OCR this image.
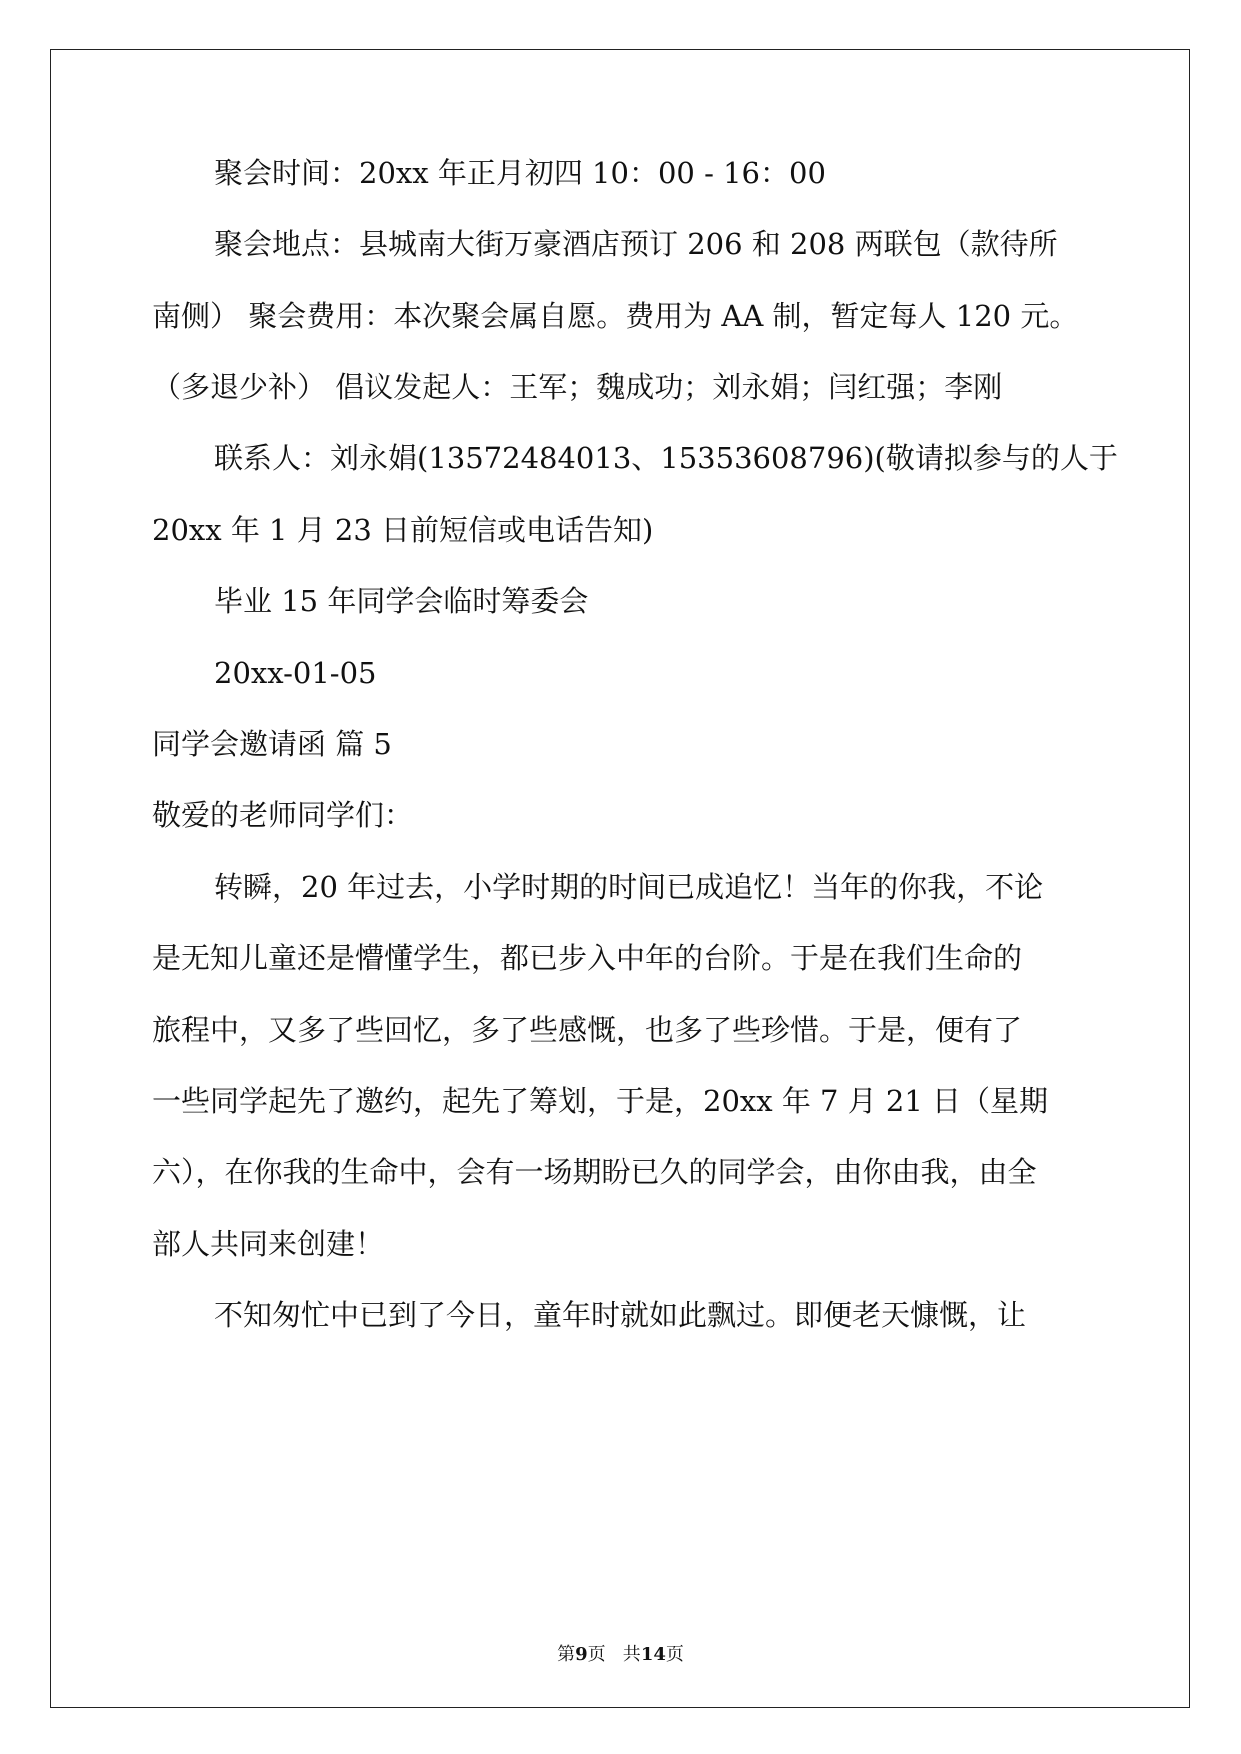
聚会时间：20xx 年正月初四 10：00 - 16：00
聚会地点：县城南大街万豪酒店预订 206 和 208 两联包（款待所
南侧） 聚会费用：本次聚会属自愿。费用为 AA 制，暂定每人 120 元。
（多退少补） 倡议发起人：王军；魏成功；刘永娟；闫红强；李刚
联系人：刘永娟(13572484013、15353608796)(敬请拟参与的人于
20xx 年 1 月 23 日前短信或电话告知)
毕业 15 年同学会临时筹委会
20xx-01-05
同学会邀请函 篇 5
敬爱的老师同学们：
转瞬，20 年过去，小学时期的时间已成追忆！当年的你我，不论
是无知儿童还是懵懂学生，都已步入中年的台阶。于是在我们生命的
旅程中，又多了些回忆，多了些感慨，也多了些珍惜。于是，便有了
一些同学起先了邀约，起先了筹划，于是，20xx 年 7 月 21 日（星期
六），在你我的生命中，会有一场期盼已久的同学会，由你由我，由全
部人共同来创建！
不知匆忙中已到了今日，童年时就如此飘过。即便老天慷慨，让
第9页   共14页
